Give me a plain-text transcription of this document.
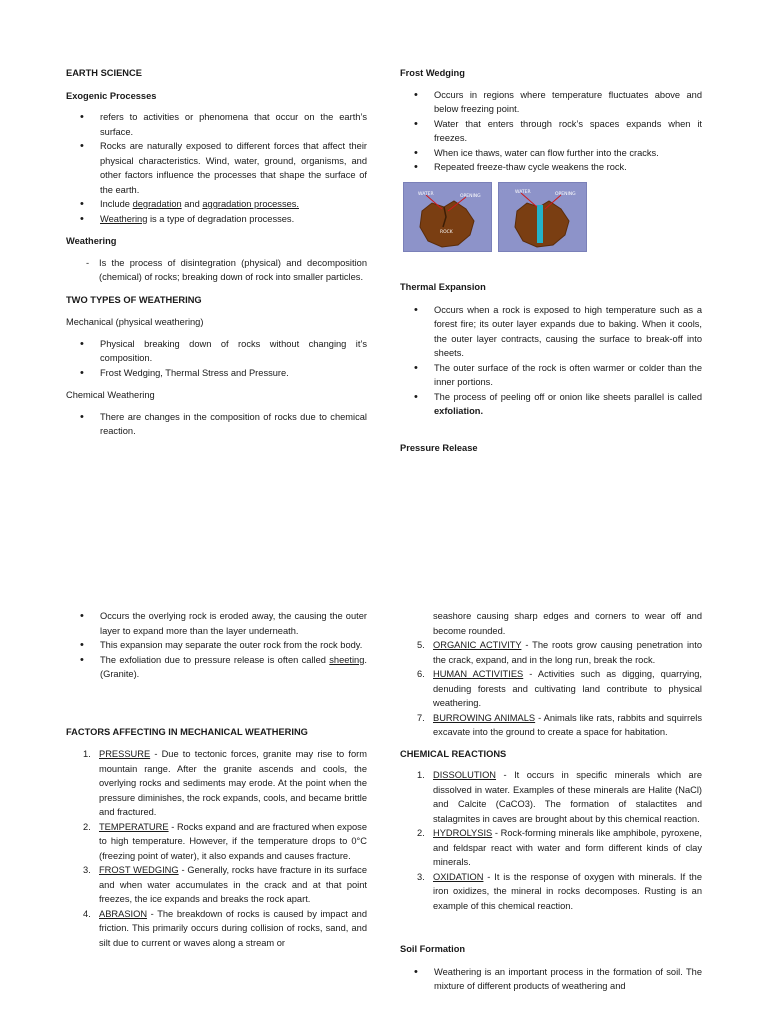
EARTH SCIENCE
Exogenic Processes
• refers to activities or phenomena that occur on the earth’s surface.
• Rocks are naturally exposed to different forces that affect their physical characteristics. Wind, water, ground, organisms, and other factors influence the processes that shape the surface of the earth.
• Include degradation and aggradation processes.
• Weathering is a type of degradation processes.
Weathering
- Is the process of disintegration (physical) and decomposition (chemical) of rocks; breaking down of rock into smaller particles.
TWO TYPES OF WEATHERING
Mechanical (physical weathering)
• Physical breaking down of rocks without changing it’s composition.
• Frost Wedging, Thermal Stress and Pressure.
Chemical Weathering
• There are changes in the composition of rocks due to chemical reaction.
Frost Wedging
• Occurs in regions where temperature fluctuates above and below freezing point.
• Water that enters through rock’s spaces expands when it freezes.
• When ice thaws, water can flow further into the cracks.
• Repeated freeze-thaw cycle weakens the rock.
WATER	OPENING
ROCK
WATER	OPENING
Thermal Expansion
• Occurs when a rock is exposed to high temperature such as a forest fire; its outer layer expands due to baking. When it cools, the outer layer contracts, causing the surface to break-off into sheets.
• The outer surface of the rock is often warmer or colder than the inner portions.
• The process of peeling off or onion like sheets parallel is called exfoliation.
Pressure Release
• Occurs the overlying rock is eroded away, the causing the outer layer to expand more than the layer underneath.
• This expansion may separate the outer rock from the rock body.
• The exfoliation due to pressure release is often called sheeting. (Granite).
FACTORS AFFECTING IN MECHANICAL WEATHERING
1. PRESSURE - Due to tectonic forces, granite may rise to form mountain range. After the granite ascends and cools, the overlying rocks and sediments may erode. At the point when the pressure diminishes, the rock expands, cools, and became brittle and fractured.
2. TEMPERATURE - Rocks expand and are fractured when expose to high temperature. However, if the temperature drops to 0°C (freezing point of water), it also expands and causes fracture.
3. FROST WEDGING - Generally, rocks have fracture in its surface and when water accumulates in the crack and at that point freezes, the ice expands and breaks the rock apart.
4. ABRASION - The breakdown of rocks is caused by impact and friction. This primarily occurs during collision of rocks, sand, and silt due to current or waves along a stream or
seashore causing sharp edges and corners to wear off and become rounded.
5. ORGANIC ACTIVITY - The roots grow causing penetration into the crack, expand, and in the long run, break the rock.
6. HUMAN ACTIVITIES - Activities such as digging, quarrying, denuding forests and cultivating land contribute to physical weathering.
7. BURROWING ANIMALS - Animals like rats, rabbits and squirrels excavate into the ground to create a space for habitation.
CHEMICAL REACTIONS
1. DISSOLUTION - It occurs in specific minerals which are dissolved in water. Examples of these minerals are Halite (NaCl) and Calcite (CaCO3). The formation of stalactites and stalagmites in caves are brought about by this chemical reaction.
2. HYDROLYSIS - Rock-forming minerals like amphibole, pyroxene, and feldspar react with water and form different kinds of clay minerals.
3. OXIDATION - It is the response of oxygen with minerals. If the iron oxidizes, the mineral in rocks decomposes. Rusting is an example of this chemical reaction.
Soil Formation
• Weathering is an important process in the formation of soil. The mixture of different products of weathering and
